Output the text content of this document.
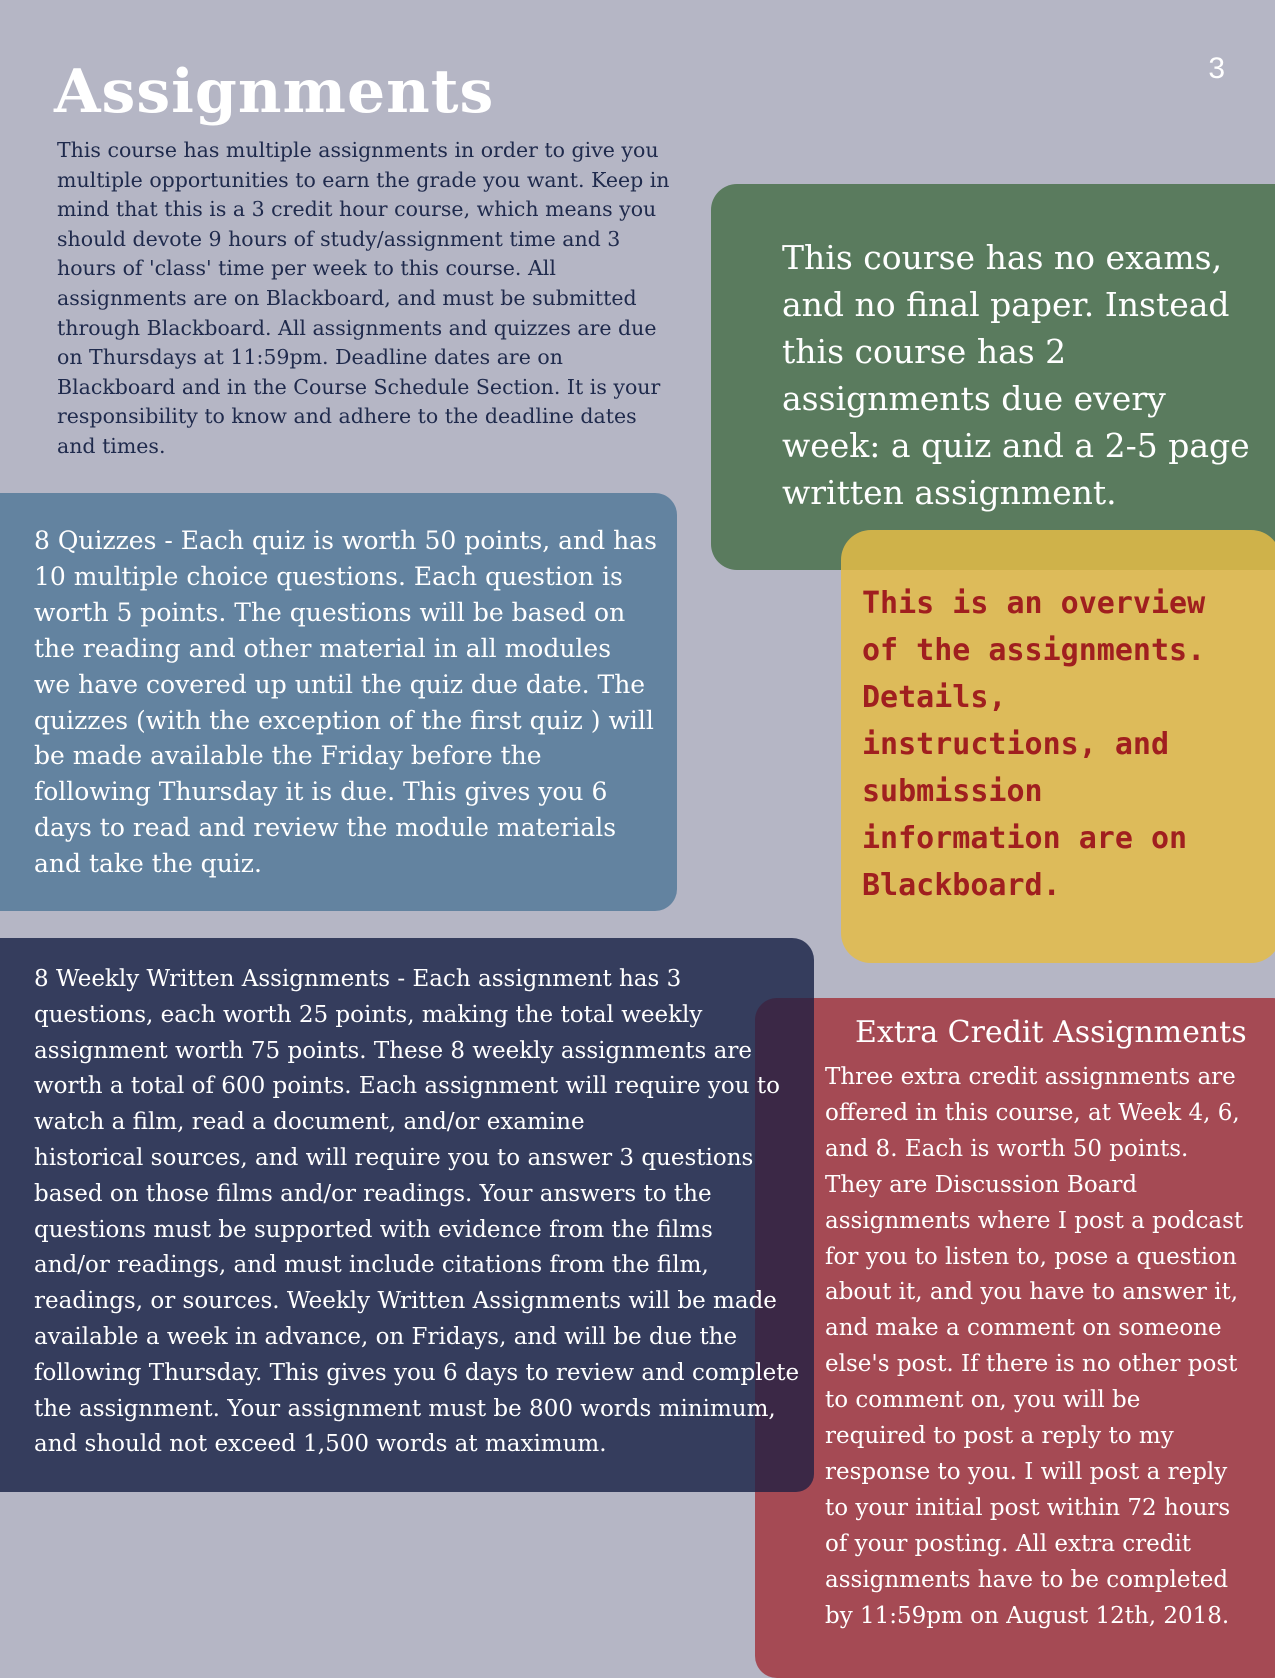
3
Assignments
This course has multiple assignments in order to give you
multiple opportunities to earn the grade you want. Keep in
mind that this is a 3 credit hour course, which means you
should devote 9 hours of study/assignment time and 3
hours of 'class' time per week to this course. All
assignments are on Blackboard, and must be submitted
through Blackboard. All assignments and quizzes are due
on Thursdays at 11:59pm. Deadline dates are on
Blackboard and in the Course Schedule Section. It is your
responsibility to know and adhere to the deadline dates
and times.
This course has no exams,
and no final paper. Instead
this course has 2
assignments due every
week: a quiz and a 2-5 page
written assignment.
8 Quizzes - Each quiz is worth 50 points, and has
10 multiple choice questions. Each question is
worth 5 points. The questions will be based on
the reading and other material in all modules
we have covered up until the quiz due date. The
quizzes (with the exception of the first quiz ) will
be made available the Friday before the
following Thursday it is due. This gives you 6
days to read and review the module materials
and take the quiz.
This is an overview
of the assignments.
Details,
instructions, and
submission
information are on
Blackboard.
8 Weekly Written Assignments - Each assignment has 3
questions, each worth 25 points, making the total weekly
assignment worth 75 points. These 8 weekly assignments are
worth a total of 600 points. Each assignment will require you to
watch a film, read a document, and/or examine
historical sources, and will require you to answer 3 questions
based on those films and/or readings. Your answers to the
questions must be supported with evidence from the films
and/or readings, and must include citations from the film,
readings, or sources. Weekly Written Assignments will be made
available a week in advance, on Fridays, and will be due the
following Thursday. This gives you 6 days to review and complete
the assignment. Your assignment must be 800 words minimum,
and should not exceed 1,500 words at maximum.
Extra Credit Assignments
Three extra credit assignments are
offered in this course, at Week 4, 6,
and 8. Each is worth 50 points.
They are Discussion Board
assignments where I post a podcast
for you to listen to, pose a question
about it, and you have to answer it,
and make a comment on someone
else's post. If there is no other post
to comment on, you will be
required to post a reply to my
response to you. I will post a reply
to your initial post within 72 hours
of your posting. All extra credit
assignments have to be completed
by 11:59pm on August 12th, 2018.
